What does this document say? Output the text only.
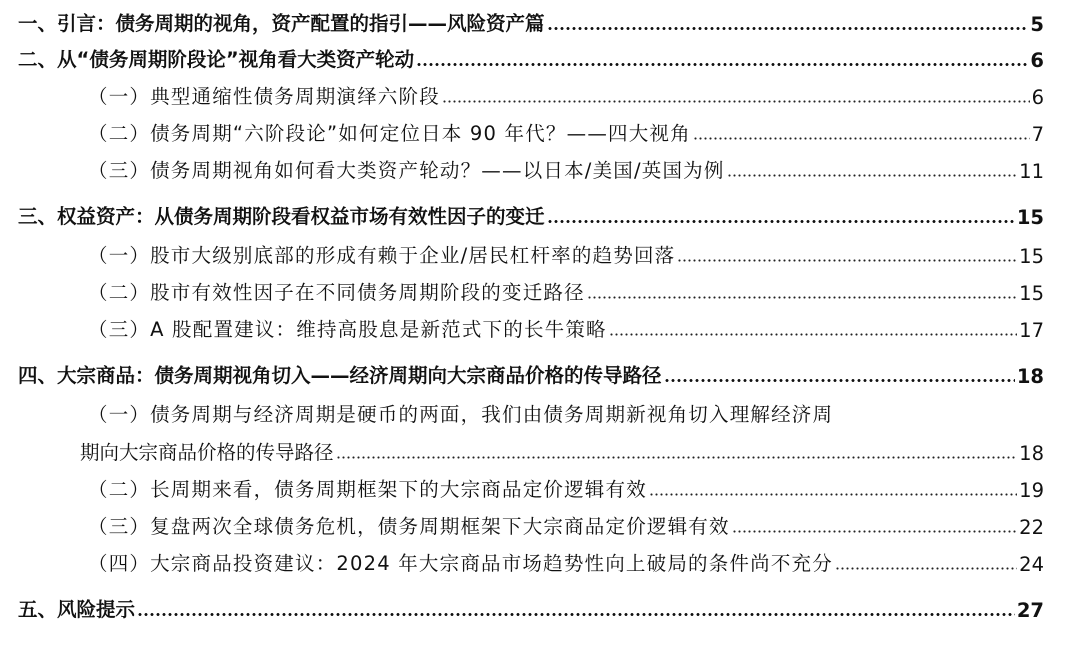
一、引言：债务周期的视角，资产配置的指引——风险资产篇	5
二、从“债务周期阶段论”视角看大类资产轮动	6
（一）典型通缩性债务周期演绎六阶段	6
（二）债务周期“六阶段论”如何定位日本 90 年代？——四大视角	7
（三）债务周期视角如何看大类资产轮动？——以日本/美国/英国为例	11
三、权益资产：从债务周期阶段看权益市场有效性因子的变迁	15
（一）股市大级别底部的形成有赖于企业/居民杠杆率的趋势回落	15
（二）股市有效性因子在不同债务周期阶段的变迁路径	15
（三）A 股配置建议：维持高股息是新范式下的长牛策略	17
四、大宗商品：债务周期视角切入——经济周期向大宗商品价格的传导路径	18
（一）债务周期与经济周期是硬币的两面，我们由债务周期新视角切入理解经济周
期向大宗商品价格的传导路径	18
（二）长周期来看，债务周期框架下的大宗商品定价逻辑有效	19
（三）复盘两次全球债务危机，债务周期框架下大宗商品定价逻辑有效	22
（四）大宗商品投资建议：2024 年大宗商品市场趋势性向上破局的条件尚不充分	24
五、风险提示	27
